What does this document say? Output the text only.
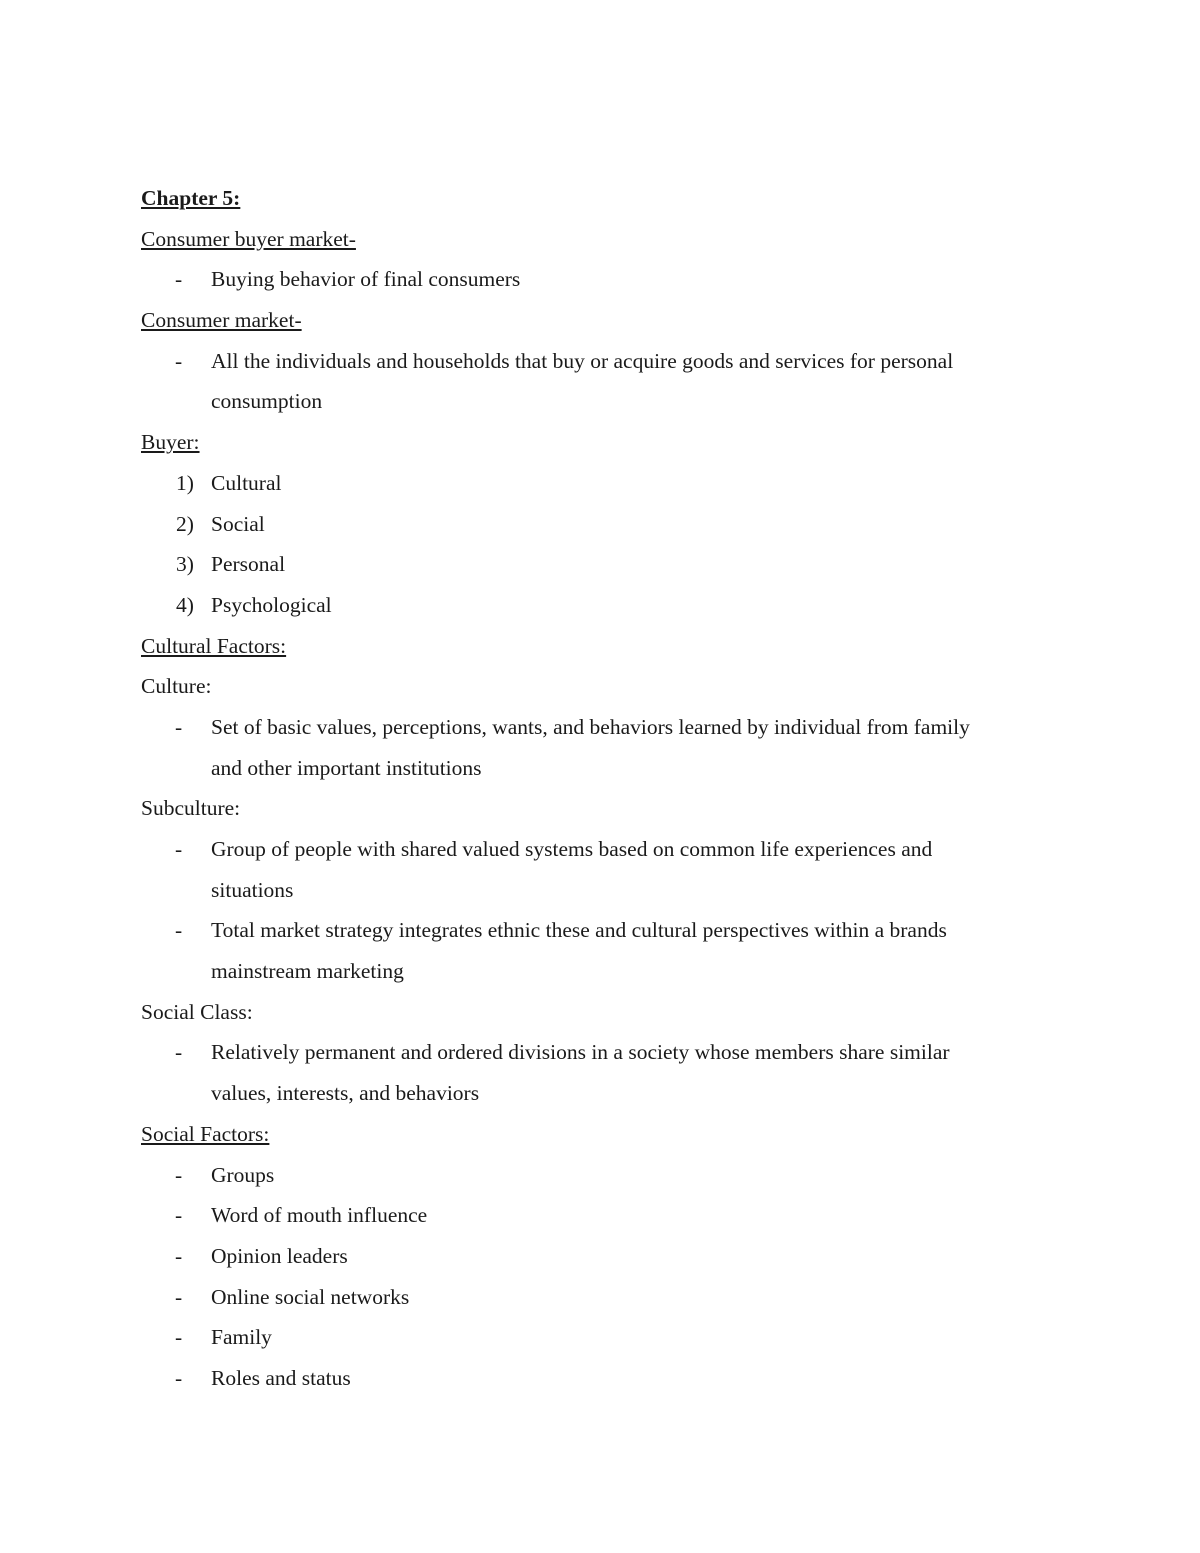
Chapter 5:
Consumer buyer market-
- Buying behavior of final consumers
Consumer market-
- All the individuals and households that buy or acquire goods and services for personal
consumption
Buyer:
1) Cultural
2) Social
3) Personal
4) Psychological
Cultural Factors:
Culture:
- Set of basic values, perceptions, wants, and behaviors learned by individual from family
and other important institutions
Subculture:
- Group of people with shared valued systems based on common life experiences and
situations
- Total market strategy integrates ethnic these and cultural perspectives within a brands
mainstream marketing
Social Class:
- Relatively permanent and ordered divisions in a society whose members share similar
values, interests, and behaviors
Social Factors:
- Groups
- Word of mouth influence
- Opinion leaders
- Online social networks
- Family
- Roles and status
